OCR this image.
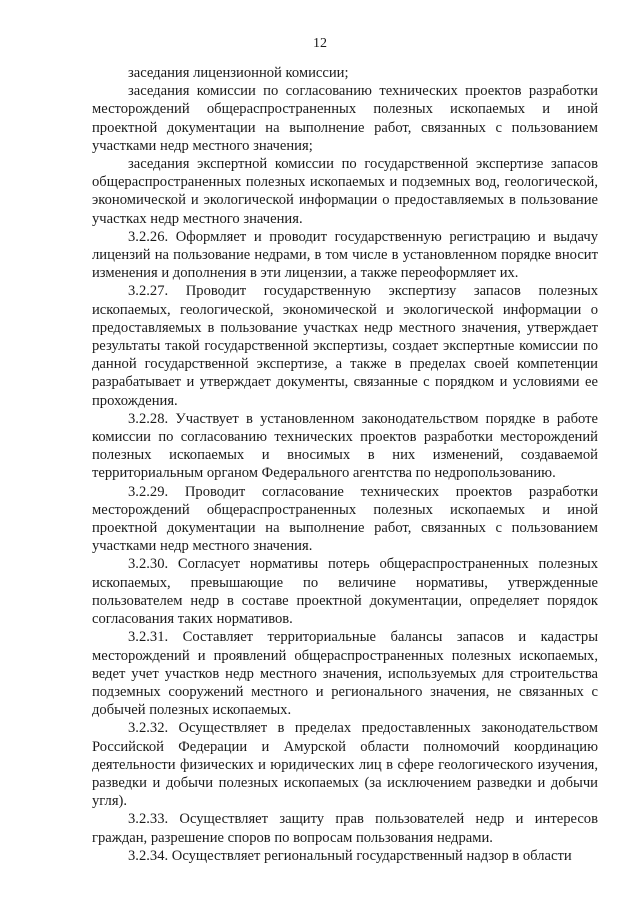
12

заседания лицензионной комиссии;

заседания комиссии по согласованию технических проектов разработки месторождений общераспространенных полезных ископаемых и иной проектной документации на выполнение работ, связанных с пользованием участками недр местного значения;

заседания экспертной комиссии по государственной экспертизе запасов общераспространенных полезных ископаемых и подземных вод, геологической, экономической и экологической информации о предоставляемых в пользование участках недр местного значения.

3.2.26. Оформляет и проводит государственную регистрацию и выдачу лицензий на пользование недрами, в том числе в установленном порядке вносит изменения и дополнения в эти лицензии, а также переоформляет их.

3.2.27. Проводит государственную экспертизу запасов полезных ископаемых, геологической, экономической и экологической информации о предоставляемых в пользование участках недр местного значения, утверждает результаты такой государственной экспертизы, создает экспертные комиссии по данной государственной экспертизе, а также в пределах своей компетенции разрабатывает и утверждает документы, связанные с порядком и условиями ее прохождения.

3.2.28. Участвует в установленном законодательством порядке в работе комиссии по согласованию технических проектов разработки месторождений полезных ископаемых и вносимых в них изменений, создаваемой территориальным органом Федерального агентства по недропользованию.

3.2.29. Проводит согласование технических проектов разработки месторождений общераспространенных полезных ископаемых и иной проектной документации на выполнение работ, связанных с пользованием участками недр местного значения.

3.2.30. Согласует нормативы потерь общераспространенных полезных ископаемых, превышающие по величине нормативы, утвержденные пользователем недр в составе проектной документации, определяет порядок согласования таких нормативов.

3.2.31. Составляет территориальные балансы запасов и кадастры месторождений и проявлений общераспространенных полезных ископаемых, ведет учет участков недр местного значения, используемых для строительства подземных сооружений местного и регионального значения, не связанных с добычей полезных ископаемых.

3.2.32. Осуществляет в пределах предоставленных законодательством Российской Федерации и Амурской области полномочий координацию деятельности физических и юридических лиц в сфере геологического изучения, разведки и добычи полезных ископаемых (за исключением разведки и добычи угля).

3.2.33. Осуществляет защиту прав пользователей недр и интересов граждан, разрешение споров по вопросам пользования недрами.

3.2.34. Осуществляет региональный государственный надзор в области
